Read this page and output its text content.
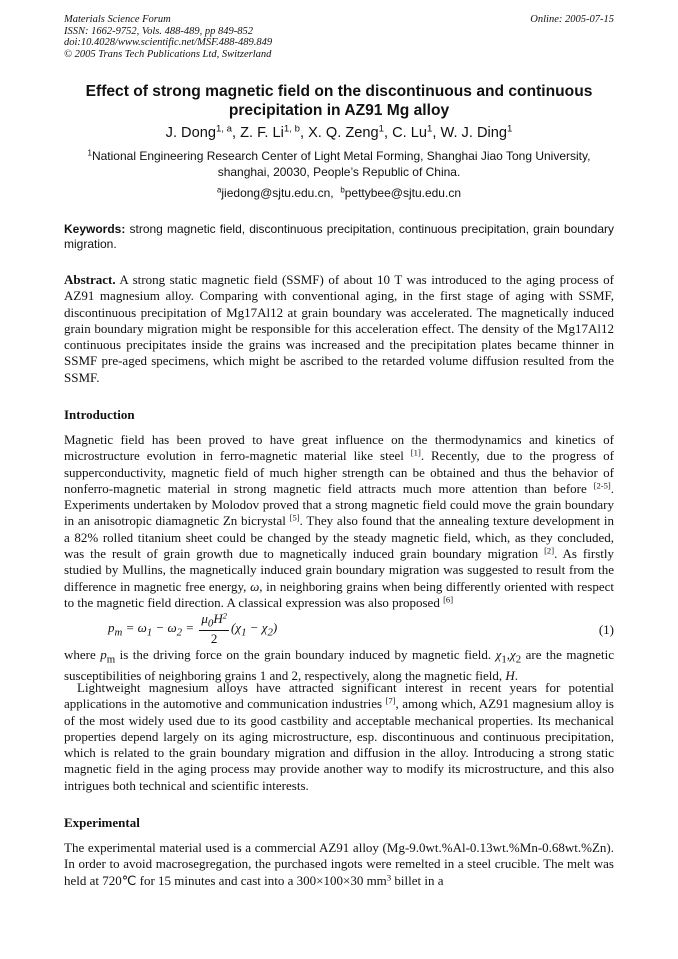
Materials Science Forum
ISSN: 1662-9752, Vols. 488-489, pp 849-852
doi:10.4028/www.scientific.net/MSF.488-489.849
© 2005 Trans Tech Publications Ltd, Switzerland
Online: 2005-07-15
Effect of strong magnetic field on the discontinuous and continuous precipitation in AZ91 Mg alloy
J. Dong$^{1, a}$, Z. F. Li$^{1, b}$, X. Q. Zeng$^1$, C. Lu$^1$, W. J. Ding$^1$
$^1$National Engineering Research Center of Light Metal Forming, Shanghai Jiao Tong University, shanghai, 20030, People’s Republic of China.
$^a$jiedong@sjtu.edu.cn, $^b$pettybee@sjtu.edu.cn
Keywords: strong magnetic field, discontinuous precipitation, continuous precipitation, grain boundary migration.
Abstract. A strong static magnetic field (SSMF) of about 10 T was introduced to the aging process of AZ91 magnesium alloy. Comparing with conventional aging, in the first stage of aging with SSMF, discontinuous precipitation of Mg17Al12 at grain boundary was accelerated. The magnetically induced grain boundary migration might be responsible for this acceleration effect. The density of the Mg17Al12 continuous precipitates inside the grains was increased and the precipitation plates became thinner in SSMF pre-aged specimens, which might be ascribed to the retarded volume diffusion resulted from the SSMF.
Introduction
Magnetic field has been proved to have great influence on the thermodynamics and kinetics of microstructure evolution in ferro-magnetic material like steel [1]. Recently, due to the progress of supperconductivity, magnetic field of much higher strength can be obtained and thus the behavior of nonferro-magnetic material in strong magnetic field attracts much more attention than before [2-5]. Experiments undertaken by Molodov proved that a strong magnetic field could move the grain boundary in an anisotropic diamagnetic Zn bicrystal [5]. They also found that the annealing texture development in a 82% rolled titanium sheet could be changed by the steady magnetic field, which, as they concluded, was the result of grain growth due to magnetically induced grain boundary migration [2]. As firstly studied by Mullins, the magnetically induced grain boundary migration was suggested to result from the difference in magnetic free energy, ω, in neighboring grains when being differently oriented with respect to the magnetic field direction. A classical expression was also proposed [6]
$p_m = \omega_1 - \omega_2 = \frac{\mu_0H^2}{2} (\chi_1 - \chi_2)$	(1)
where $p_m$ is the driving force on the grain boundary induced by magnetic field. $\chi_1,\chi_2$ are the magnetic susceptibilities of neighboring grains 1 and 2, respectively, along the magnetic field, H.
Lightweight magnesium alloys have attracted significant interest in recent years for potential applications in the automotive and communication industries [7], among which, AZ91 magnesium alloy is of the most widely used due to its good castbility and acceptable mechanical properties. Its mechanical properties depend largely on its aging microstructure, esp. discontinuous and continuous precipitation, which is related to the grain boundary migration and diffusion in the alloy. Introducing a strong static magnetic field in the aging process may provide another way to modify its microstructure, and this also intrigues both technical and scientific interests.
Experimental
The experimental material used is a commercial AZ91 alloy (Mg-9.0wt.%Al-0.13wt.%Mn-0.68wt.%Zn). In order to avoid macrosegregation, the purchased ingots were remelted in a steel crucible. The melt was held at 720℃ for 15 minutes and cast into a 300×100×30 $mm^3$ billet in a
